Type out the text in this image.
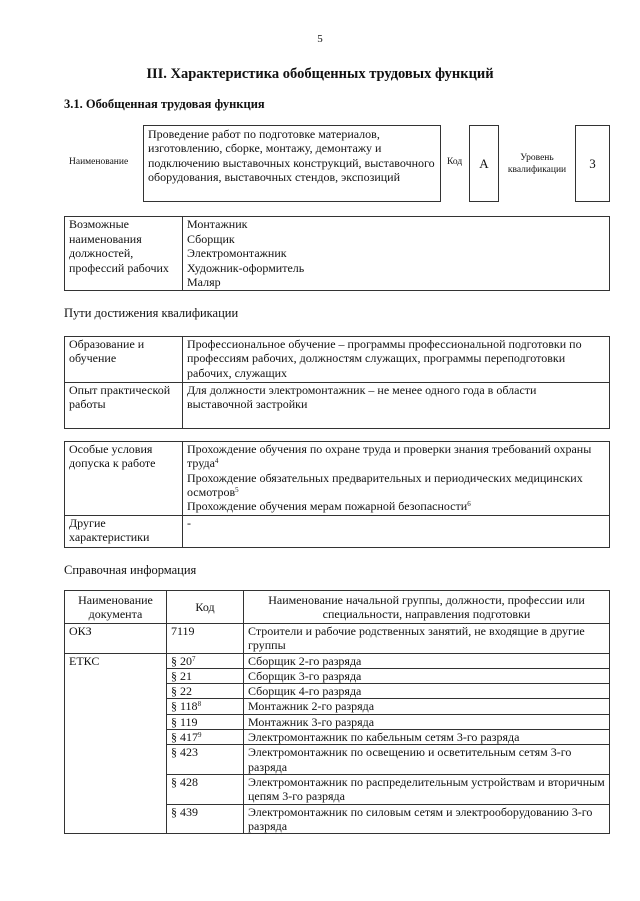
5
III. Характеристика обобщенных трудовых функций
3.1. Обобщенная трудовая функция
Наименование
Проведение работ по подготовке материалов, изготовлению, сборке, монтажу, демонтажу и подключению выставочных конструкций, выставочного оборудования, выставочных стендов, экспозиций
Код А	Уровень квалификации	3
Возможные наименования должностей, профессий рабочих	
Монтажник
Сборщик
Электромонтажник
Художник-оформитель
Маляр
Пути достижения квалификации
Образование и обучение	Профессиональное обучение – программы профессиональной подготовки по профессиям рабочих, должностям служащих, программы переподготовки рабочих, служащих
Опыт практической работы	Для должности электромонтажник – не менее одного года в области выставочной застройки
Особые условия допуска к работе	Прохождение обучения по охране труда и проверки знания требований охраны труда$^4$
Прохождение обязательных предварительных и периодических медицинских осмотров$^5$
Прохождение обучения мерам пожарной безопасности$^6$

Другие характеристики	-
Справочная информация
Наименование документа	Код	Наименование начальной группы, должности, профессии или специальности, направления подготовки
ОКЗ	7119	Строители и рабочие родственных занятий, не входящие в другие группы
ЕТКС	§ $20^7$	Сборщик 2-го разряда
	§ 21	Сборщик 3-го разряда
	§ 22	Сборщик 4-го разряда
	§ $118^8$	Монтажник 2-го разряда
	§ 119	Монтажник 3-го разряда
	§ $417^9$	Электромонтажник по кабельным сетям 3-го разряда
	§ 423	Электромонтажник по освещению и осветительным сетям 3-го разряда
	§ 428	Электромонтажник по распределительным устройствам и вторичным цепям 3-го разряда
	§ 439	Электромонтажник по силовым сетям и электрооборудованию 3-го разряда
